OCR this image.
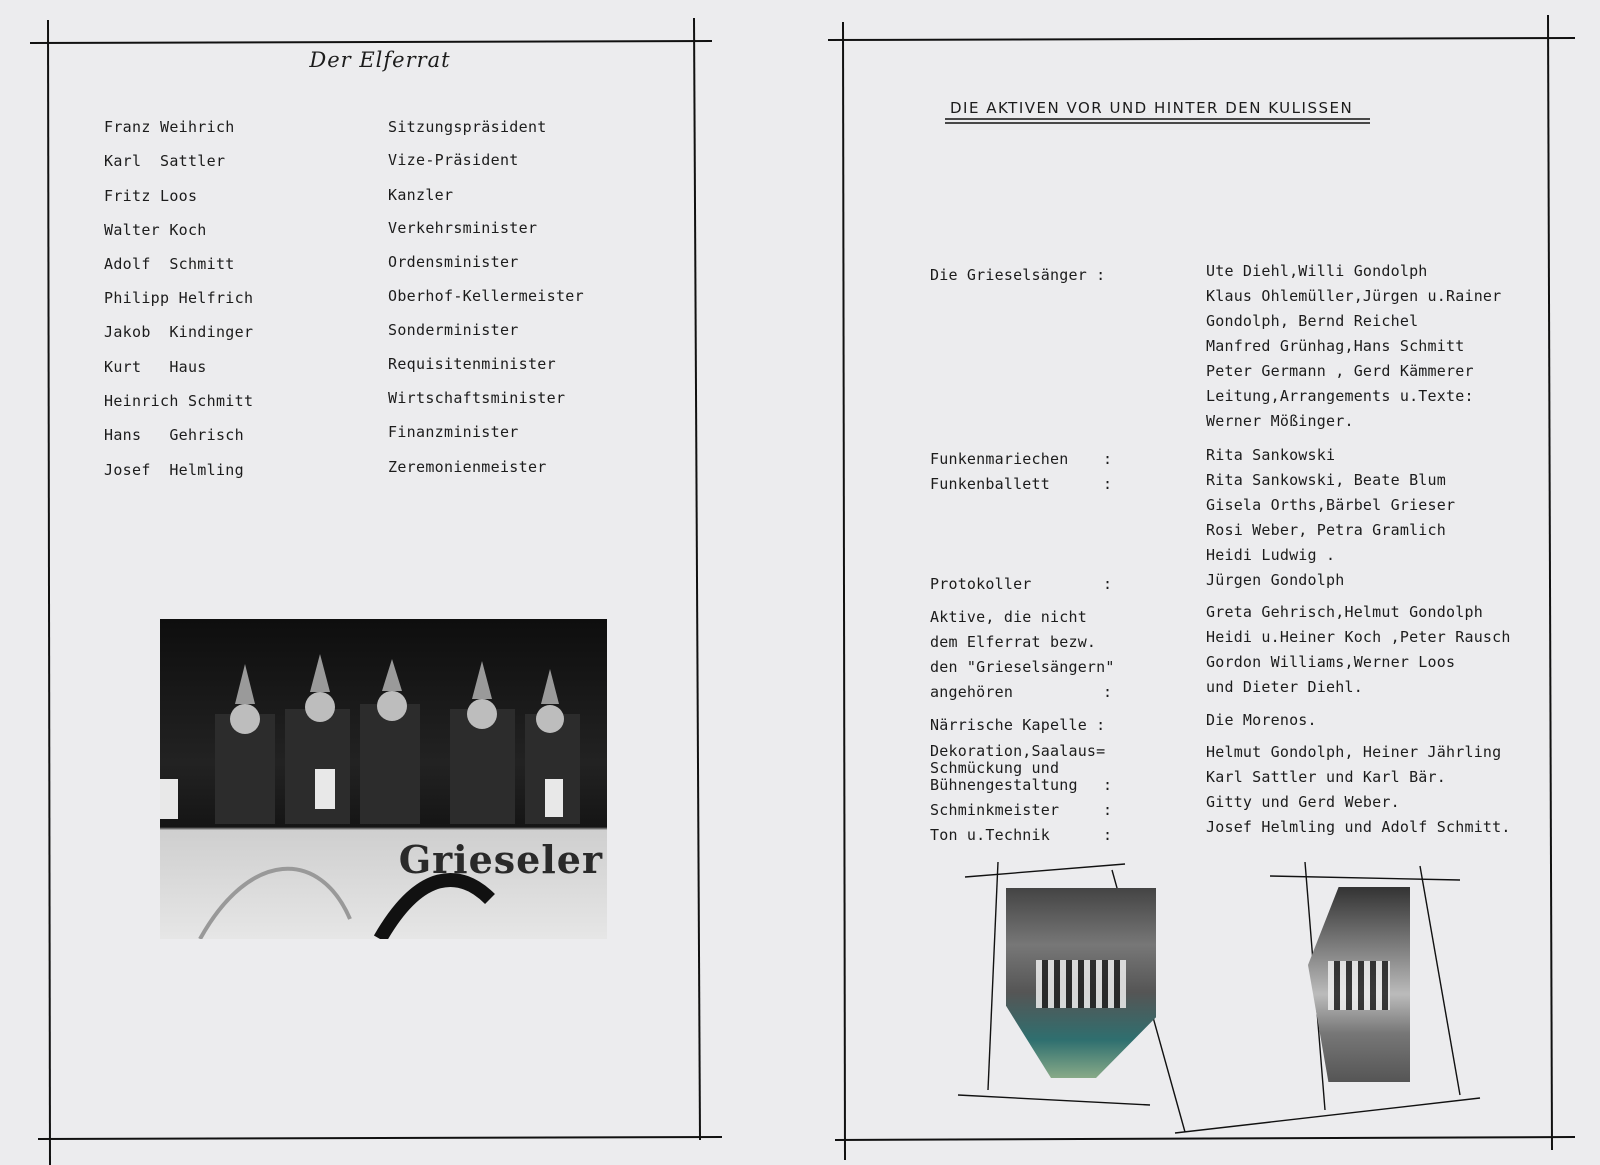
Der Elferrat
Franz Weihrich	Sitzungspräsident
Karl  Sattler	Vize-Präsident
Fritz Loos	Kanzler
Walter Koch	Verkehrsminister
Adolf  Schmitt	Ordensminister
Philipp Helfrich	Oberhof-Kellermeister
Jakob  Kindinger	Sonderminister
Kurt   Haus	Requisitenminister
Heinrich Schmitt	Wirtschaftsminister
Hans   Gehrisch	Finanzminister
Josef  Helmling	Zeremonienmeister
Grieseler
DIE AKTIVEN VOR UND HINTER DEN KULISSEN
Die Grieselsänger :	Ute Diehl,Willi Gondolph
Klaus Ohlemüller,Jürgen u.Rainer
Gondolph, Bernd Reichel
Manfred Grünhag,Hans Schmitt
Peter Germann , Gerd Kämmerer
Leitung,Arrangements u.Texte:
Werner Mößinger.
Funkenmariechen :	Rita Sankowski
Funkenballett	:	Rita Sankowski, Beate Blum
Gisela Orths,Bärbel Grieser
Rosi Weber, Petra Gramlich
Heidi Ludwig .
Protokoller	:	Jürgen Gondolph
Aktive, die nicht
dem Elferrat bezw.
den "Grieselsängern"
angehören	:
Greta Gehrisch,Helmut Gondolph
Heidi u.Heiner Koch ,Peter Rausch
Gordon Williams,Werner Loos
und Dieter Diehl.
Närrische Kapelle :	Die Morenos.
Dekoration,Saalaus=
Schmückung und
Bühnengestaltung :
Helmut Gondolph, Heiner Jährling
Karl Sattler und Karl Bär.
Schminkmeister	:	Gitty und Gerd Weber.
Ton u.Technik	:	Josef Helmling und Adolf Schmitt.
